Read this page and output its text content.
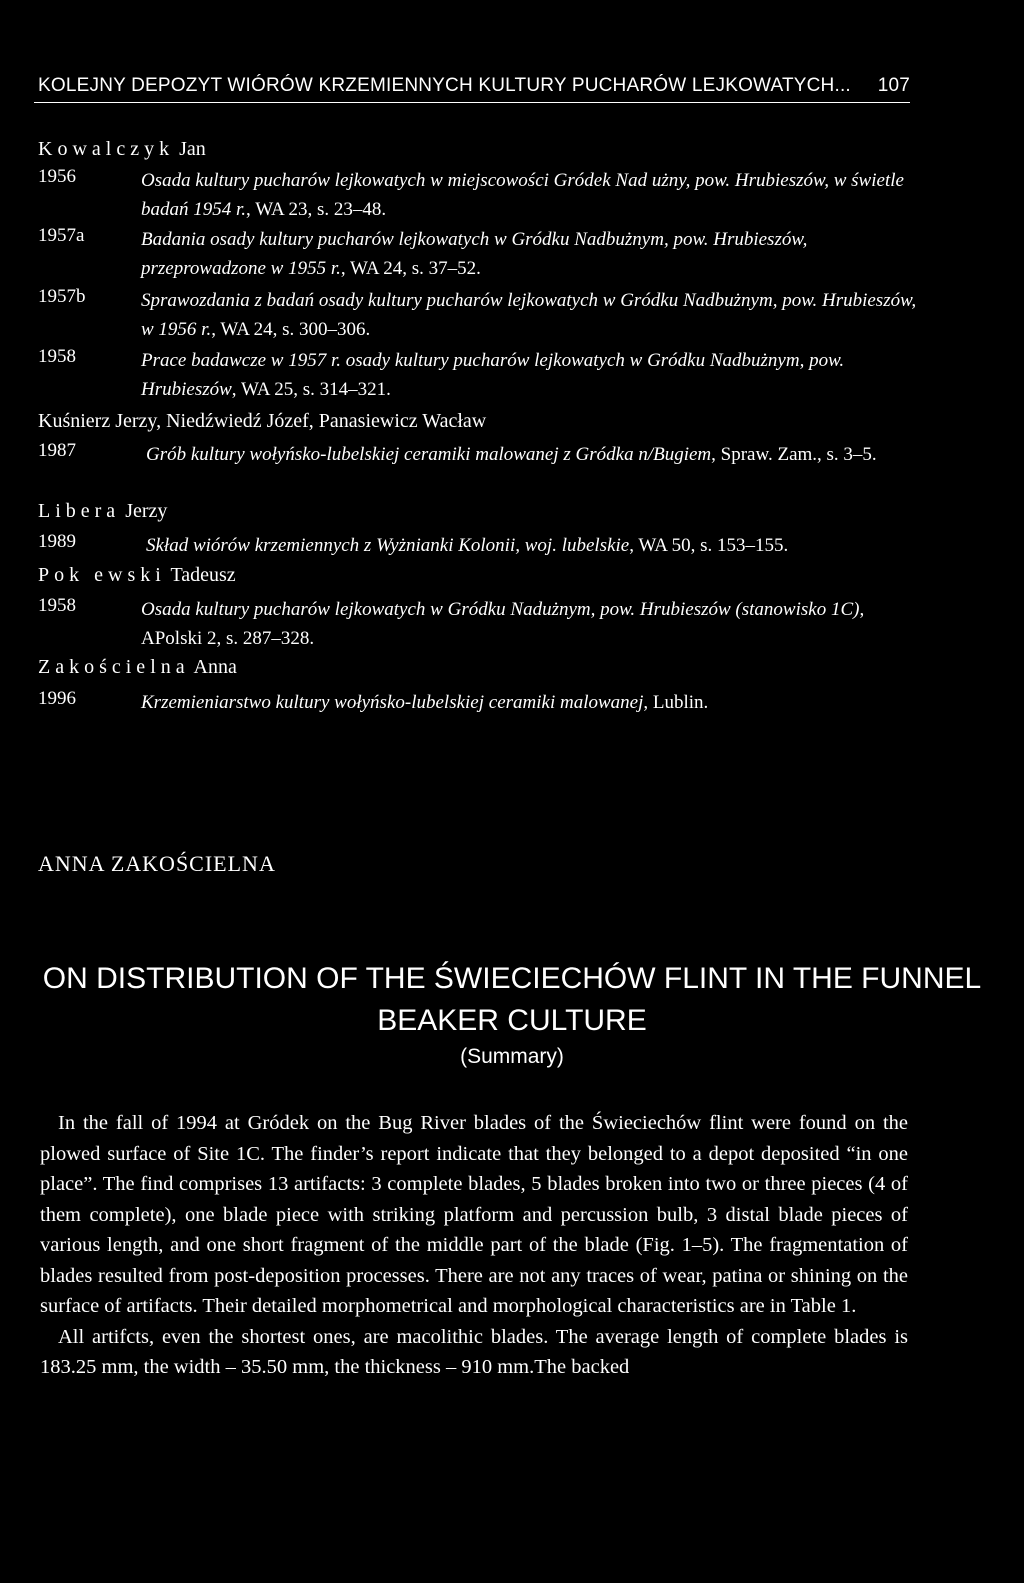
KOLEJNY DEPOZYT WIÓRÓW KRZEMIENNYCH KULTURY PUCHARÓW LEJKOWATYCH... 107
Kowalczyk Jan
1956	Osada kultury pucharów lejkowatych w miejscowości Gródek Nad użny, pow. Hrubieszów, w świetle badań 1954 r., WA 23, s. 23–48.
1957a	Badania osady kultury pucharów lejkowatych w Gródku Nadbużnym, pow. Hrubieszów, przeprowadzone w 1955 r., WA 24, s. 37–52.
1957b	Sprawozdania z badań osady kultury pucharów lejkowatych w Gródku Nadbużnym, pow. Hrubieszów, w 1956 r., WA 24, s. 300–306.
1958	Prace badawcze w 1957 r. osady kultury pucharów lejkowatych w Gródku Nadbużnym, pow. Hrubieszów, WA 25, s. 314–321.
Kuśnierz Jerzy, Niedźwiedź Józef, Panasiewicz Wacław
1987	Grób kultury wołyńsko-lubelskiej ceramiki malowanej z Gródka n/Bugiem, Spraw. Zam., s. 3–5.
Libera Jerzy
1989	Skład wiórów krzemiennych z Wyżnianki Kolonii, woj. lubelskie, WA 50, s. 153–155.
Pok ewski Tadeusz
1958	Osada kultury pucharów lejkowatych w Gródku Nadużnym, pow. Hrubieszów (stanowisko 1C), APolski 2, s. 287–328.
Zakościelna Anna
1996	Krzemieniarstwo kultury wołyńsko-lubelskiej ceramiki malowanej, Lublin.
ANNA ZAKOŚCIELNA
ON DISTRIBUTION OF THE ŚWIECIECHÓW FLINT IN THE FUNNEL BEAKER CULTURE
(Summary)

In the fall of 1994 at Gródek on the Bug River blades of the Świeciechów flint were found on the plowed surface of Site 1C. The finder’s report indicate that they belonged to a depot deposited “in one place”. The find comprises 13 artifacts: 3 complete blades, 5 blades broken into two or three pieces (4 of them complete), one blade piece with striking platform and percussion bulb, 3 distal blade pieces of various length, and one short fragment of the middle part of the blade (Fig. 1–5). The fragmentation of blades resulted from post-deposition processes. There are not any traces of wear, patina or shining on the surface of artifacts. Their detailed morphometrical and morphological characteristics are in Table 1.

All artifcts, even the shortest ones, are macolithic blades. The average length of complete blades is 183.25 mm, the width – 35.50 mm, the thickness – 910 mm.The backed
